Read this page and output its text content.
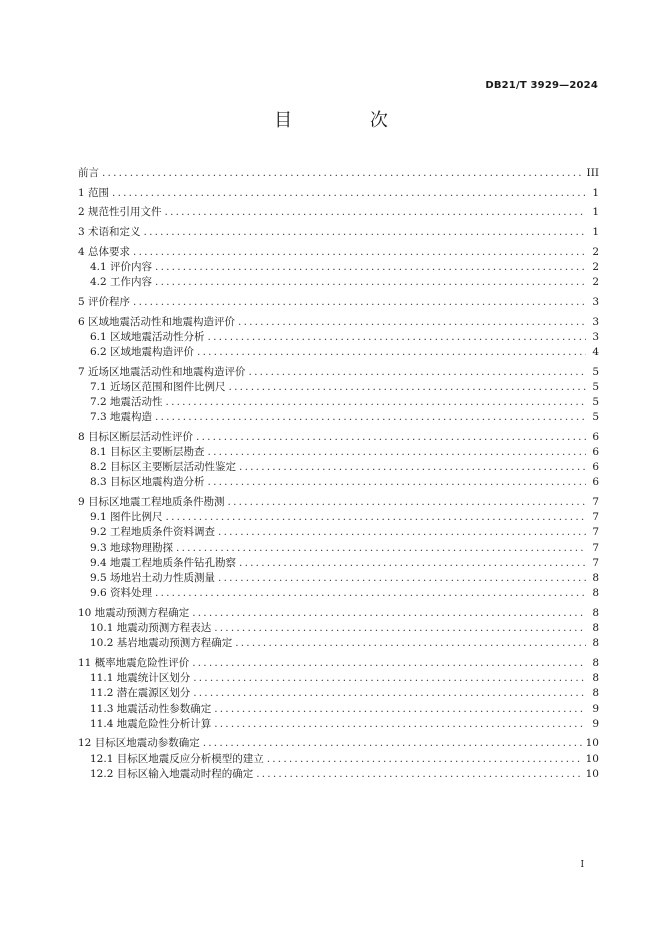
DB21/T 3929—2024
目 次
前言 .....	III
1 范围 .....	1
2 规范性引用文件 .....	1
3 术语和定义 .....	1
4 总体要求 .....	2
4.1 评价内容 .....	2
4.2 工作内容 .....	2
5 评价程序 .....	3
6 区域地震活动性和地震构造评价 .....	3
6.1 区域地震活动性分析 .....	3
6.2 区域地震构造评价 .....	4
7 近场区地震活动性和地震构造评价 .....	5
7.1 近场区范围和图件比例尺 .....	5
7.2 地震活动性 .....	5
7.3 地震构造 .....	5
8 目标区断层活动性评价 .....	6
8.1 目标区主要断层勘查 .....	6
8.2 目标区主要断层活动性鉴定 .....	6
8.3 目标区地震构造分析 .....	6
9 目标区地震工程地质条件勘测 .....	7
9.1 图件比例尺 .....	7
9.2 工程地质条件资料调查 .....	7
9.3 地球物理勘探 .....	7
9.4 地震工程地质条件钻孔勘察 .....	7
9.5 场地岩土动力性质测量 .....	8
9.6 资料处理 .....	8
10 地震动预测方程确定 .....	8
10.1 地震动预测方程表达 .....	8
10.2 基岩地震动预测方程确定 .....	8
11 概率地震危险性评价 .....	8
11.1 地震统计区划分 .....	8
11.2 潜在震源区划分 .....	8
11.3 地震活动性参数确定 .....	9
11.4 地震危险性分析计算 .....	9
12 目标区地震动参数确定 .....	10
12.1 目标区地震反应分析模型的建立 .....	10
12.2 目标区输入地震动时程的确定 .....	10
I
